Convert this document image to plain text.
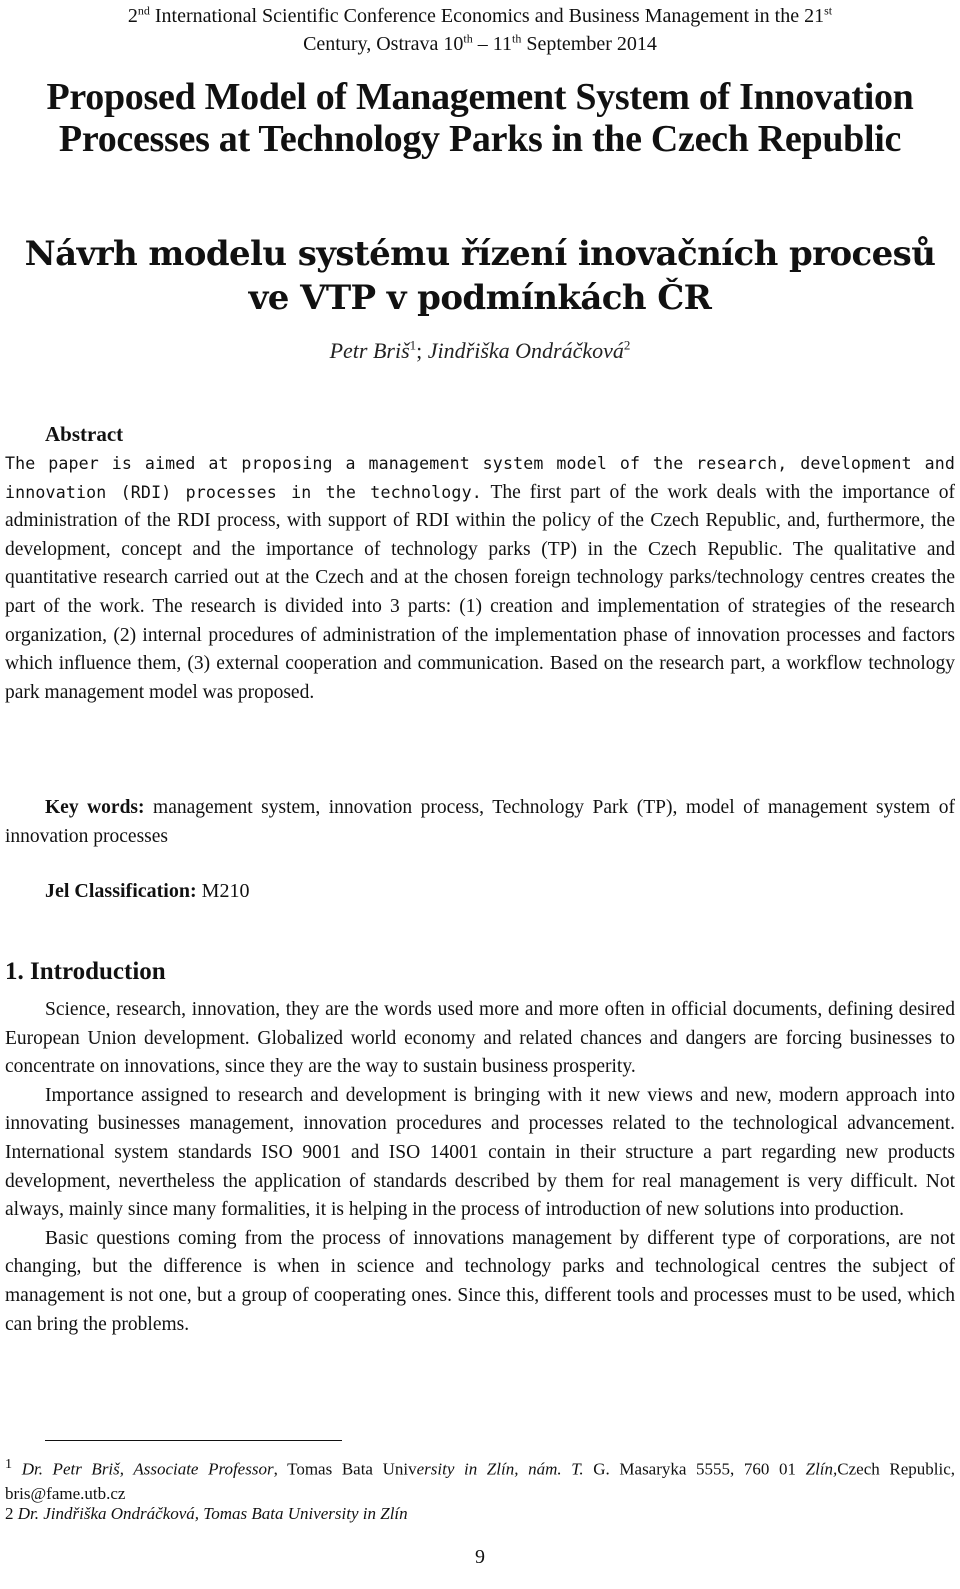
2nd International Scientific Conference Economics and Business Management in the 21st
Century, Ostrava 10th – 11th September 2014
Proposed Model of Management System of Innovation
Processes at Technology Parks in the Czech Republic
Návrh modelu systému řízení inovačních procesů
ve VTP v podmínkách ČR
Petr Briš$^1$; Jindřiška Ondráčková$^2$
Abstract
The paper is aimed at proposing a management system model of the research, development and innovation (RDI) processes in the technology. The first part of the work deals with the importance of administration of the RDI process, with support of RDI within the policy of the Czech Republic, and, furthermore, the development, concept and the importance of technology parks (TP) in the Czech Republic. The qualitative and quantitative research carried out at the Czech and at the chosen foreign technology parks/technology centres creates the part of the work. The research is divided into 3 parts: (1) creation and implementation of strategies of the research organization, (2) internal procedures of administration of the implementation phase of innovation processes and factors which influence them, (3) external cooperation and communication. Based on the research part, a workflow technology park management model was proposed.
Key words: management system, innovation process, Technology Park (TP), model of management system of innovation processes
Jel Classification: M210
1. Introduction

Science, research, innovation, they are the words used more and more often in official documents, defining desired European Union development. Globalized world economy and related chances and dangers are forcing businesses to concentrate on innovations, since they are the way to sustain business prosperity.

Importance assigned to research and development is bringing with it new views and new, modern approach into innovating businesses management, innovation procedures and processes related to the technological advancement. International system standards ISO 9001 and ISO 14001 contain in their structure a part regarding new products development, nevertheless the application of standards described by them for real management is very difficult. Not always, mainly since many formalities, it is helping in the process of introduction of new solutions into production.

Basic questions coming from the process of innovations management by different type of corporations, are not changing, but the difference is when in science and technology parks and technological centres the subject of management is not one, but a group of cooperating ones. Since this, different tools and processes must to be used, which can bring the problems.

$^1$ Dr. Petr Briš, Associate Professor, Tomas Bata University in Zlín, nám. T. G. Masaryka 5555, 760 01 Zlín,Czech Republic, bris@fame.utb.cz
2 Dr. Jindřiška Ondráčková, Tomas Bata University in Zlín
9
